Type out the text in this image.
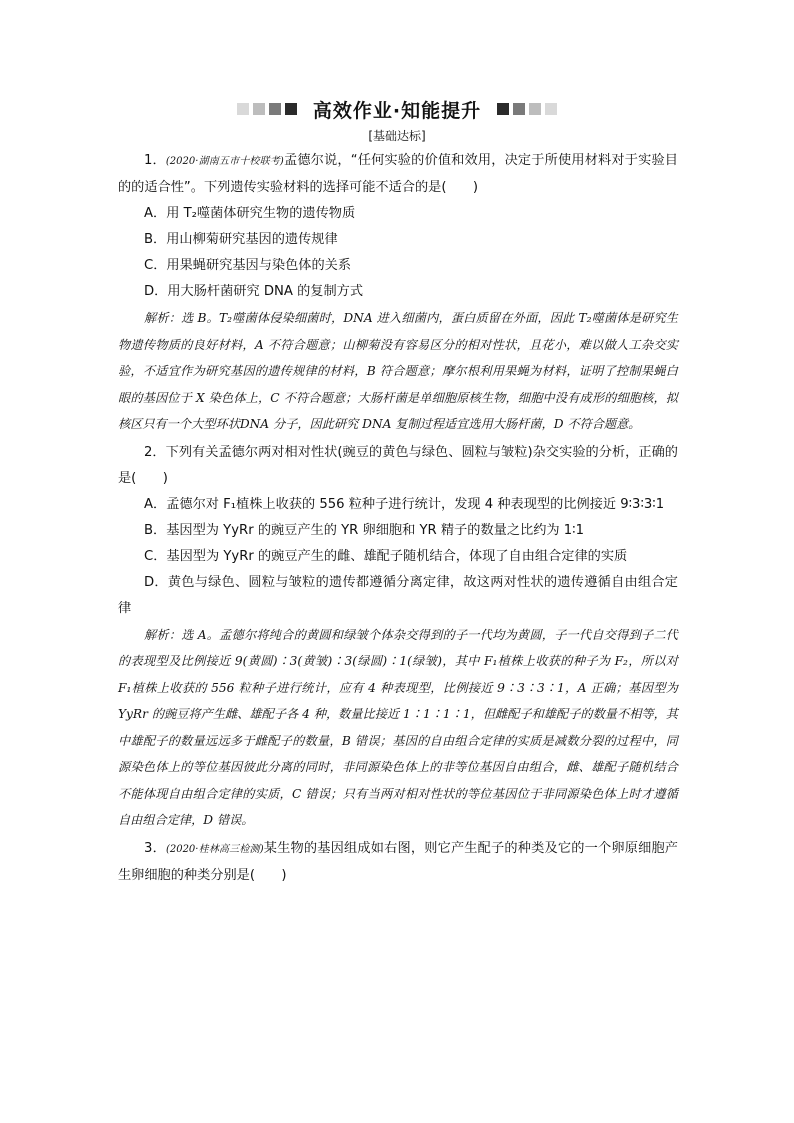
高效作业·知能提升
[基础达标]

1．(2020·湖南五市十校联考)孟德尔说，“任何实验的价值和效用，决定于所使用材料对于实验目的的适合性”。下列遗传实验材料的选择可能不适合的是(　　)

A．用 T₂噬菌体研究生物的遗传物质

B．用山柳菊研究基因的遗传规律

C．用果蝇研究基因与染色体的关系

D．用大肠杆菌研究 DNA 的复制方式

解析：选 B。T₂噬菌体侵染细菌时，DNA 进入细菌内，蛋白质留在外面，因此 T₂噬菌体是研究生物遗传物质的良好材料，A 不符合题意；山柳菊没有容易区分的相对性状，且花小，难以做人工杂交实验，不适宜作为研究基因的遗传规律的材料，B 符合题意；摩尔根利用果蝇为材料，证明了控制果蝇白眼的基因位于 X 染色体上，C 不符合题意；大肠杆菌是单细胞原核生物，细胞中没有成形的细胞核，拟核区只有一个大型环状DNA 分子，因此研究 DNA 复制过程适宜选用大肠杆菌，D 不符合题意。

2．下列有关孟德尔两对相对性状(豌豆的黄色与绿色、圆粒与皱粒)杂交实验的分析，正确的是(　　)

A．孟德尔对 F₁植株上收获的 556 粒种子进行统计，发现 4 种表现型的比例接近 9∶3∶3∶1

B．基因型为 YyRr 的豌豆产生的 YR 卵细胞和 YR 精子的数量之比约为 1∶1

C．基因型为 YyRr 的豌豆产生的雌、雄配子随机结合，体现了自由组合定律的实质

D．黄色与绿色、圆粒与皱粒的遗传都遵循分离定律，故这两对性状的遗传遵循自由组合定律

解析：选 A。孟德尔将纯合的黄圆和绿皱个体杂交得到的子一代均为黄圆，子一代自交得到子二代的表现型及比例接近 9(黄圆)∶3(黄皱)∶3(绿圆)∶1(绿皱)，其中 F₁植株上收获的种子为 F₂，所以对 F₁植株上收获的 556 粒种子进行统计，应有 4 种表现型，比例接近 9∶3∶3∶1，A 正确；基因型为 YyRr 的豌豆将产生雌、雄配子各 4 种，数量比接近 1∶1∶1∶1，但雌配子和雄配子的数量不相等，其中雄配子的数量远远多于雌配子的数量，B 错误；基因的自由组合定律的实质是减数分裂的过程中，同源染色体上的等位基因彼此分离的同时，非同源染色体上的非等位基因自由组合，雌、雄配子随机结合不能体现自由组合定律的实质，C 错误；只有当两对相对性状的等位基因位于非同源染色体上时才遵循自由组合定律，D 错误。

3．(2020·桂林高三检测)某生物的基因组成如右图，则它产生配子的种类及它的一个卵原细胞产生卵细胞的种类分别是(　　)
